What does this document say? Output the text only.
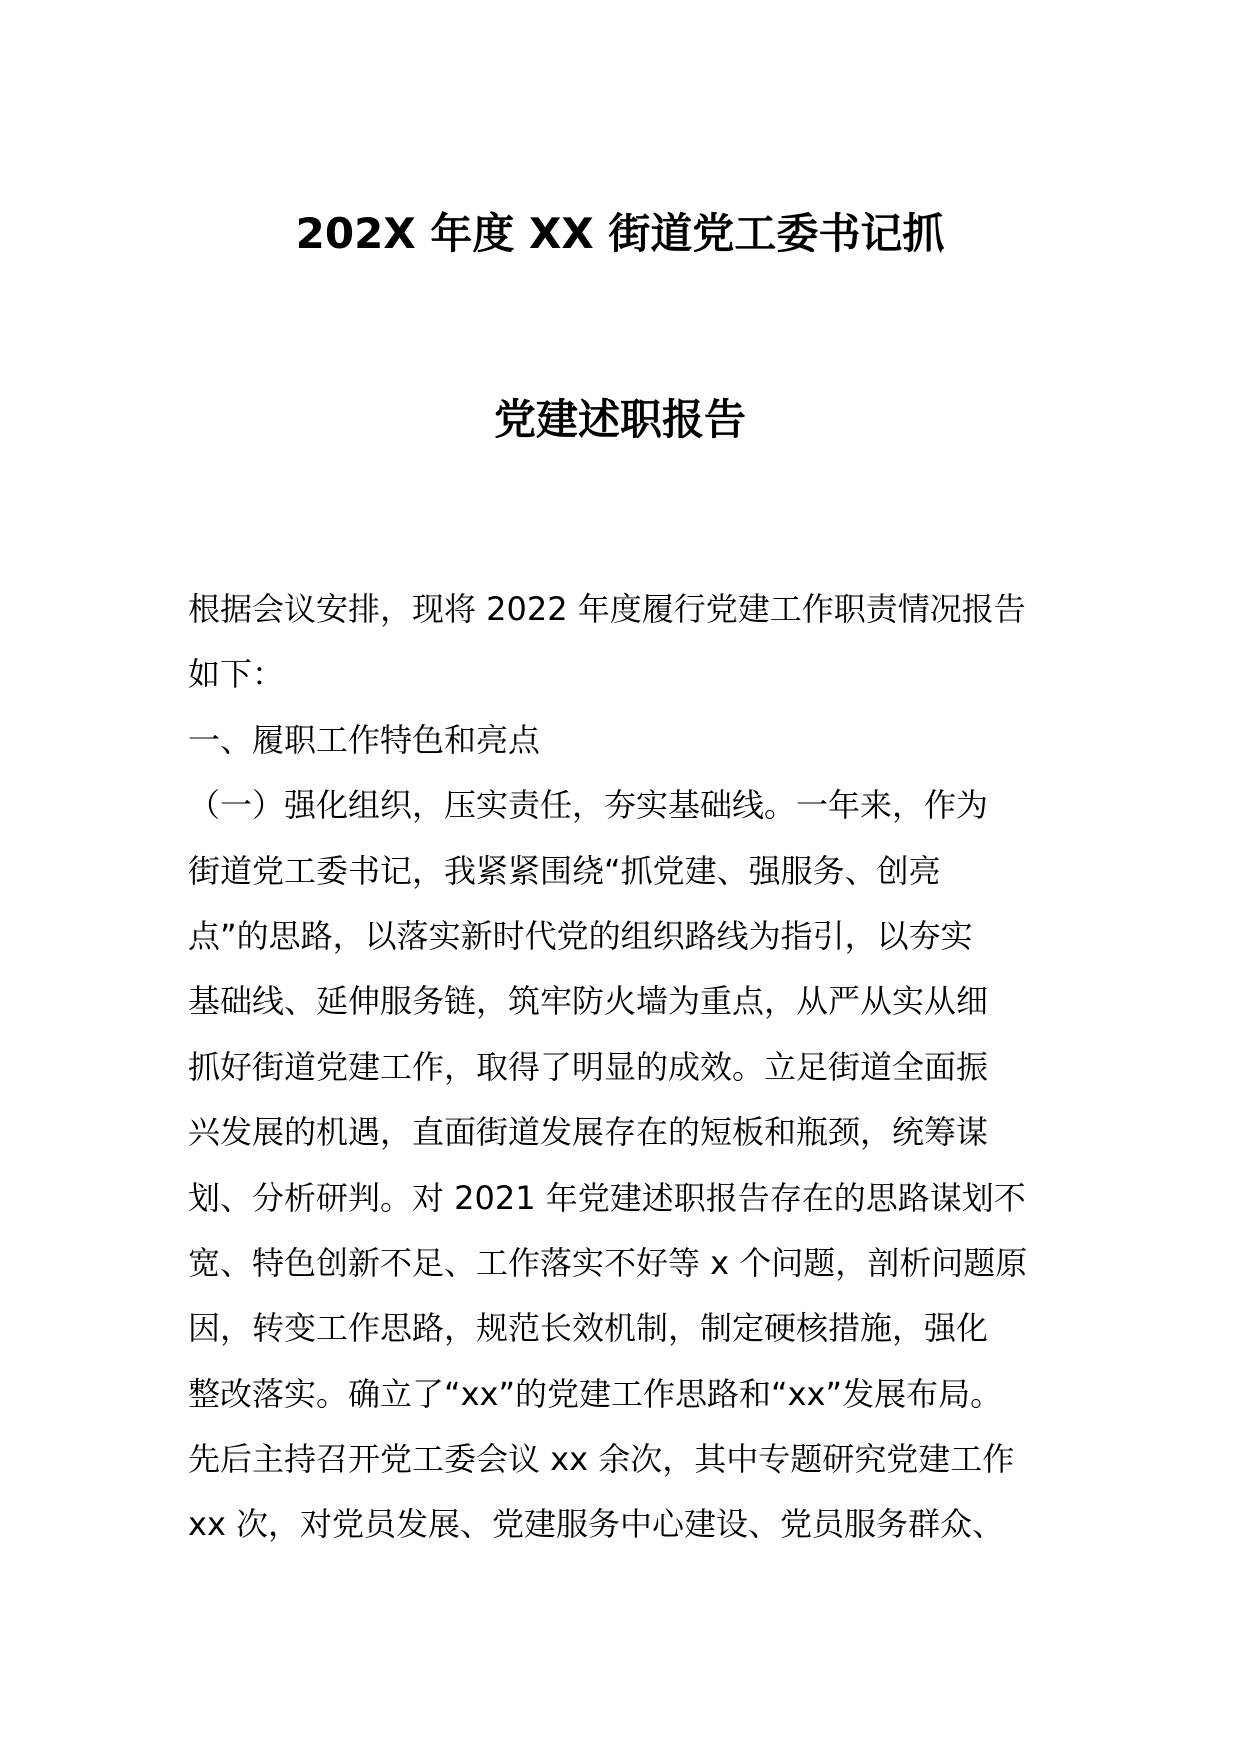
202X 年度 XX 街道党工委书记抓
党建述职报告
根据会议安排，现将 2022 年度履行党建工作职责情况报告
如下：
一、履职工作特色和亮点
（一）强化组织，压实责任，夯实基础线。一年来，作为
街道党工委书记，我紧紧围绕“抓党建、强服务、创亮
点”的思路，以落实新时代党的组织路线为指引，以夯实
基础线、延伸服务链，筑牢防火墙为重点，从严从实从细
抓好街道党建工作，取得了明显的成效。立足街道全面振
兴发展的机遇，直面街道发展存在的短板和瓶颈，统筹谋
划、分析研判。对 2021 年党建述职报告存在的思路谋划不
宽、特色创新不足、工作落实不好等 x 个问题，剖析问题原
因，转变工作思路，规范长效机制，制定硬核措施，强化
整改落实。确立了“xx”的党建工作思路和“xx”发展布局。
先后主持召开党工委会议 xx 余次，其中专题研究党建工作
xx 次，对党员发展、党建服务中心建设、党员服务群众、
